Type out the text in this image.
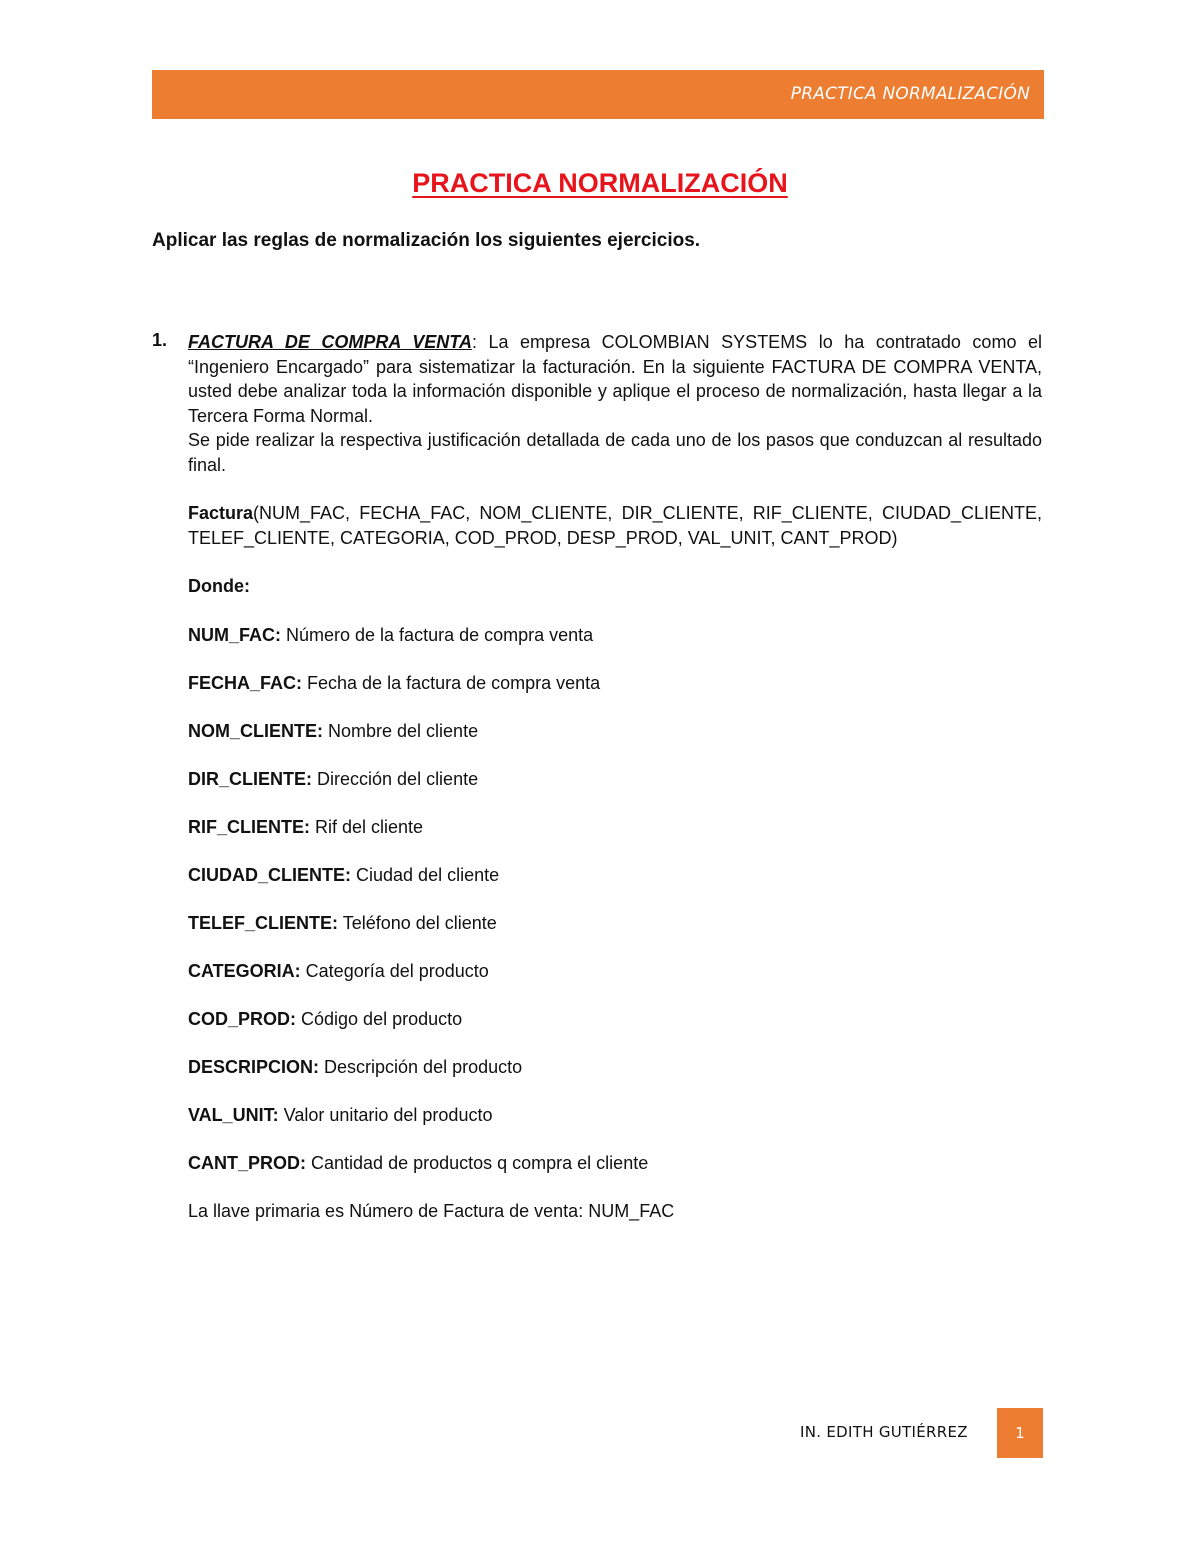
PRACTICA NORMALIZACIÓN
PRACTICA NORMALIZACIÓN
Aplicar las reglas de normalización los siguientes ejercicios.
1. FACTURA DE COMPRA VENTA: La empresa COLOMBIAN SYSTEMS lo ha contratado como el “Ingeniero Encargado” para sistematizar la facturación. En la siguiente FACTURA DE COMPRA VENTA, usted debe analizar toda la información disponible y aplique el proceso de normalización, hasta llegar a la Tercera Forma Normal.

Se pide realizar la respectiva justificación detallada de cada uno de los pasos que conduzcan al resultado final.

Factura(NUM_FAC, FECHA_FAC, NOM_CLIENTE, DIR_CLIENTE, RIF_CLIENTE, CIUDAD_CLIENTE, TELEF_CLIENTE, CATEGORIA, COD_PROD, DESP_PROD, VAL_UNIT, CANT_PROD)

Donde:

NUM_FAC: Número de la factura de compra venta
FECHA_FAC: Fecha de la factura de compra venta
NOM_CLIENTE: Nombre del cliente
DIR_CLIENTE: Dirección del cliente
RIF_CLIENTE: Rif del cliente
CIUDAD_CLIENTE: Ciudad del cliente
TELEF_CLIENTE: Teléfono del cliente
CATEGORIA: Categoría del producto
COD_PROD: Código del producto
DESCRIPCION: Descripción del producto
VAL_UNIT: Valor unitario del producto
CANT_PROD: Cantidad de productos q compra el cliente

La llave primaria es Número de Factura de venta: NUM_FAC

IN. EDITH GUTIÉRREZ	1
